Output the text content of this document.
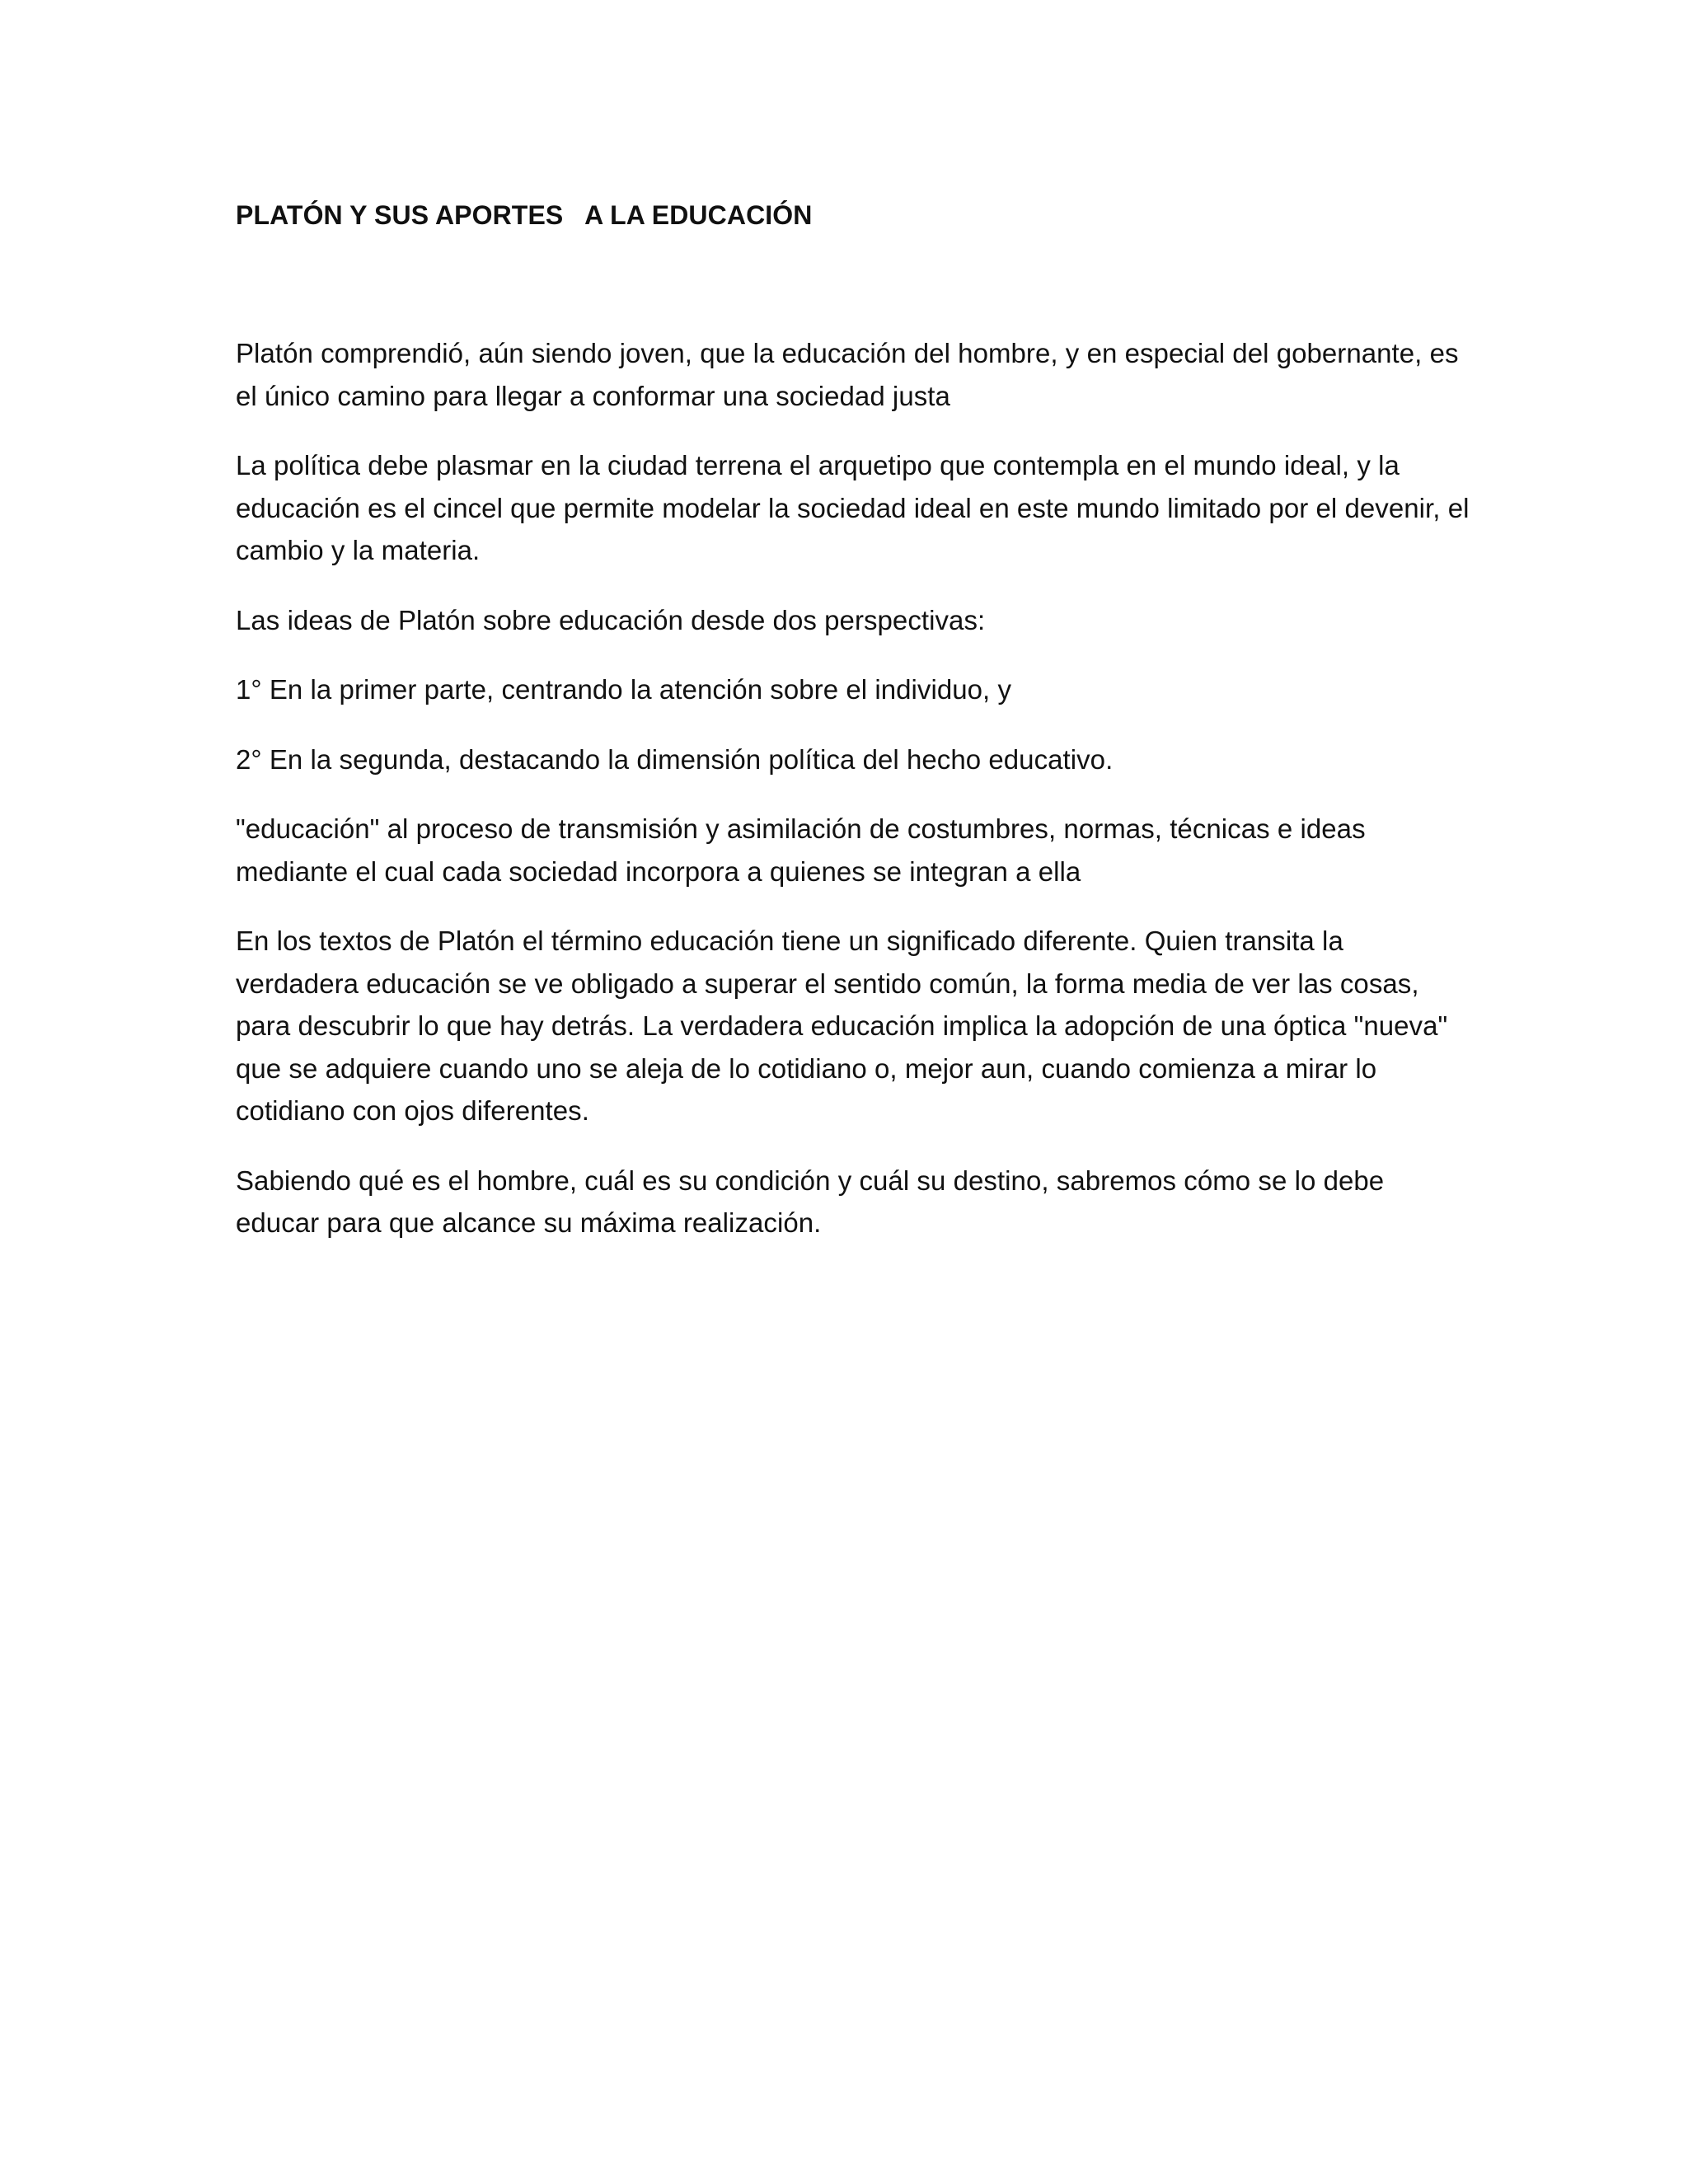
PLATÓN Y SUS APORTES   A LA EDUCACIÓN

Platón comprendió, aún siendo joven, que la educación del hombre, y en especial del gobernante, es el único camino para llegar a conformar una sociedad justa

La política debe plasmar en la ciudad terrena el arquetipo que contempla en el mundo ideal, y la educación es el cincel que permite modelar la sociedad ideal en este mundo limitado por el devenir, el cambio y la materia.

Las ideas de Platón sobre educación desde dos perspectivas:

1° En la primer parte, centrando la atención sobre el individuo, y

2° En la segunda, destacando la dimensión política del hecho educativo.

"educación" al proceso de transmisión y asimilación de costumbres, normas, técnicas e ideas mediante el cual cada sociedad incorpora a quienes se integran a ella

En los textos de Platón el término educación tiene un significado diferente. Quien transita la verdadera educación se ve obligado a superar el sentido común, la forma media de ver las cosas, para descubrir lo que hay detrás. La verdadera educación implica la adopción de una óptica "nueva" que se adquiere cuando uno se aleja de lo cotidiano o, mejor aun, cuando comienza a mirar lo cotidiano con ojos diferentes.

Sabiendo qué es el hombre, cuál es su condición y cuál su destino, sabremos cómo se lo debe educar para que alcance su máxima realización.
